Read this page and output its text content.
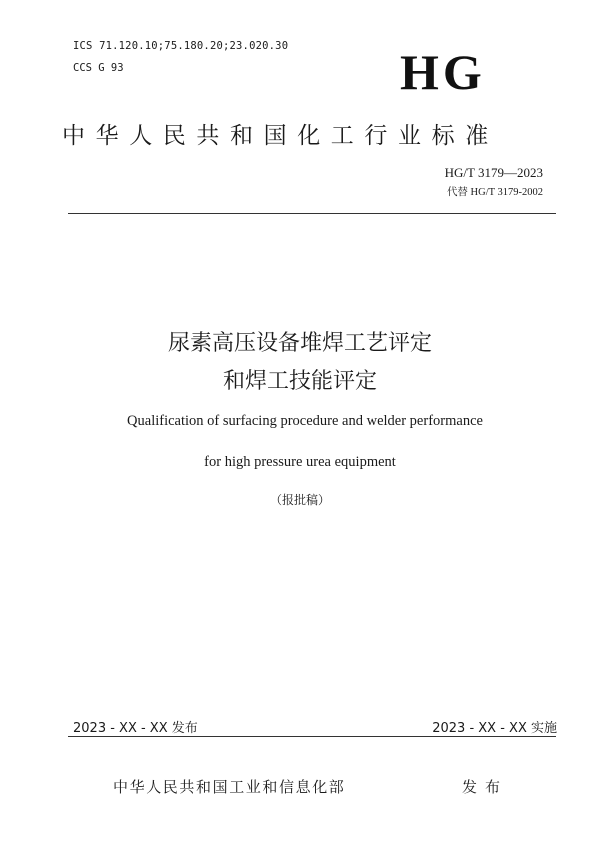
ICS 71.120.10;75.180.20;23.020.30
CCS G 93	HG
中华人民共和国化工行业标准
HG/T 3179—2023
代替 HG/T 3179-2002
尿素高压设备堆焊工艺评定
和焊工技能评定
Qualification of surfacing procedure and welder performance
for high pressure urea equipment
（报批稿）
2023 - XX - XX 发布	2023 - XX - XX 实施
中华人民共和国工业和信息化部	发布
